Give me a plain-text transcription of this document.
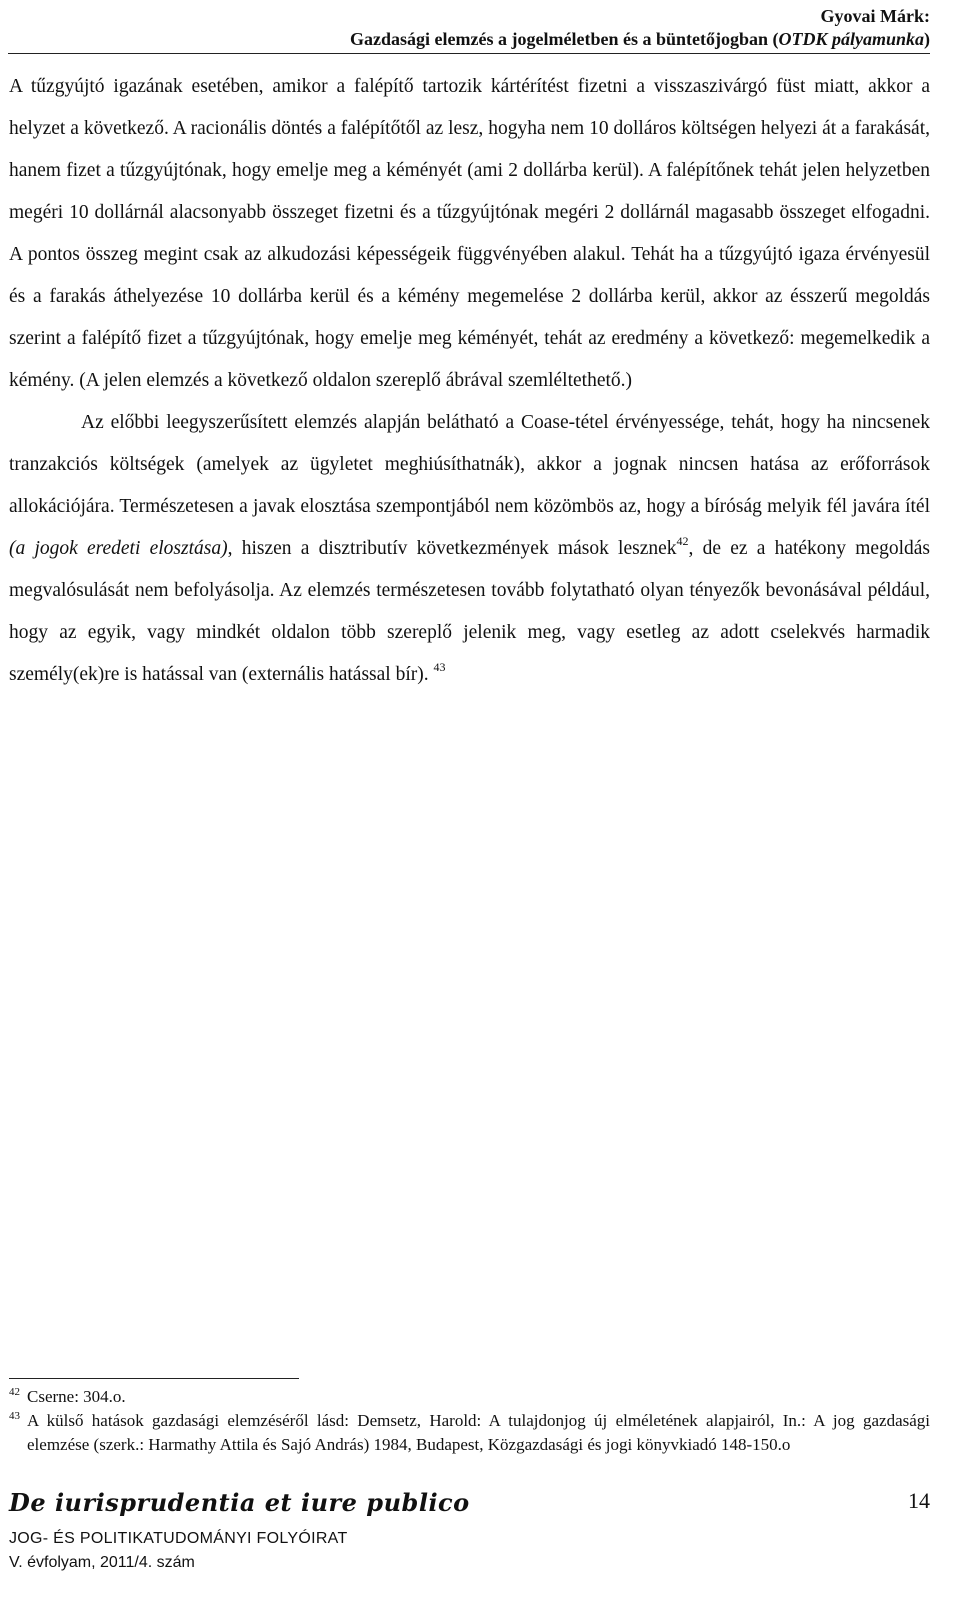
Gyovai Márk:
Gazdasági elemzés a jogelméletben és a büntetőjogban (OTDK pályamunka)

A tűzgyújtó igazának esetében, amikor a falépítő tartozik kártérítést fizetni a visszaszivárgó füst miatt, akkor a helyzet a következő. A racionális döntés a falépítőtől az lesz, hogyha nem 10 dolláros költségen helyezi át a farakását, hanem fizet a tűzgyújtónak, hogy emelje meg a kéményét (ami 2 dollárba kerül). A falépítőnek tehát jelen helyzetben megéri 10 dollárnál alacsonyabb összeget fizetni és a tűzgyújtónak megéri 2 dollárnál magasabb összeget elfogadni. A pontos összeg megint csak az alkudozási képességeik függvényében alakul. Tehát ha a tűzgyújtó igaza érvényesül és a farakás áthelyezése 10 dollárba kerül és a kémény megemelése 2 dollárba kerül, akkor az ésszerű megoldás szerint a falépítő fizet a tűzgyújtónak, hogy emelje meg kéményét, tehát az eredmény a következő: megemelkedik a kémény. (A jelen elemzés a következő oldalon szereplő ábrával szemléltethető.)

Az előbbi leegyszerűsített elemzés alapján belátható a Coase-tétel érvényessége, tehát, hogy ha nincsenek tranzakciós költségek (amelyek az ügyletet meghiúsíthatnák), akkor a jognak nincsen hatása az erőforrások allokációjára. Természetesen a javak elosztása szempontjából nem közömbös az, hogy a bíróság melyik fél javára ítél (a jogok eredeti elosztása), hiszen a disztributív következmények mások lesznek$^{42}$, de ez a hatékony megoldás megvalósulását nem befolyásolja. Az elemzés természetesen tovább folytatható olyan tényezők bevonásával például, hogy az egyik, vagy mindkét oldalon több szereplő jelenik meg, vagy esetleg az adott cselekvés harmadik személy(ek)re is hatással van (externális hatással bír). $^{43}$

42 Cserne: 304.o.
43 A külső hatások gazdasági elemzéséről lásd: Demsetz, Harold: A tulajdonjog új elméletének alapjairól, In.: A jog gazdasági elemzése (szerk.: Harmathy Attila és Sajó András) 1984, Budapest, Közgazdasági és jogi könyvkiadó 148-150.o
De iurisprudentia et iure publico
JOG- ÉS POLITIKATUDOMÁNYI FOLYÓIRAT
V. évfolyam, 2011/4. szám
14
